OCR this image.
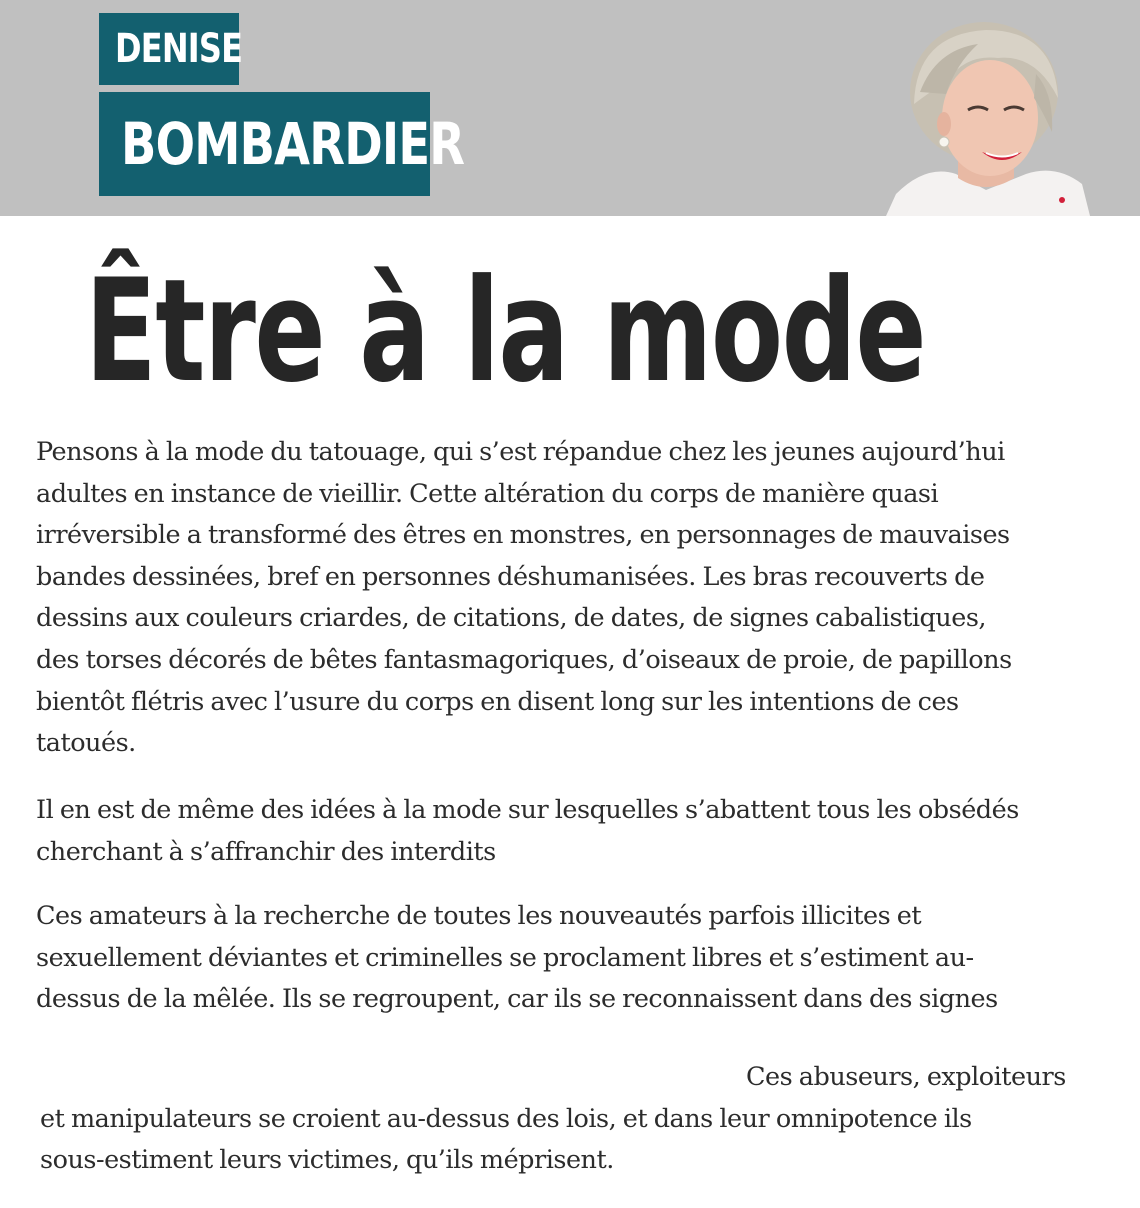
DENISE
BOMBARDIER
Être à la mode
Pensons à la mode du tatouage, qui s’est répandue chez les jeunes aujourd’hui
adultes en instance de vieillir. Cette altération du corps de manière quasi
irréversible a transformé des êtres en monstres, en personnages de mauvaises
bandes dessinées, bref en personnes déshumanisées. Les bras recouverts de
dessins aux couleurs criardes, de citations, de dates, de signes cabalistiques,
des torses décorés de bêtes fantasmagoriques, d’oiseaux de proie, de papillons
bientôt flétris avec l’usure du corps en disent long sur les intentions de ces
tatoués.
Il en est de même des idées à la mode sur lesquelles s’abattent tous les obsédés
cherchant à s’affranchir des interdits
Ces amateurs à la recherche de toutes les nouveautés parfois illicites et
sexuellement déviantes et criminelles se proclament libres et s’estiment au-
dessus de la mêlée. Ils se regroupent, car ils se reconnaissent dans des signes
Ces abuseurs, exploiteurs
et manipulateurs se croient au-dessus des lois, et dans leur omnipotence ils
sous-estiment leurs victimes, qu’ils méprisent.
